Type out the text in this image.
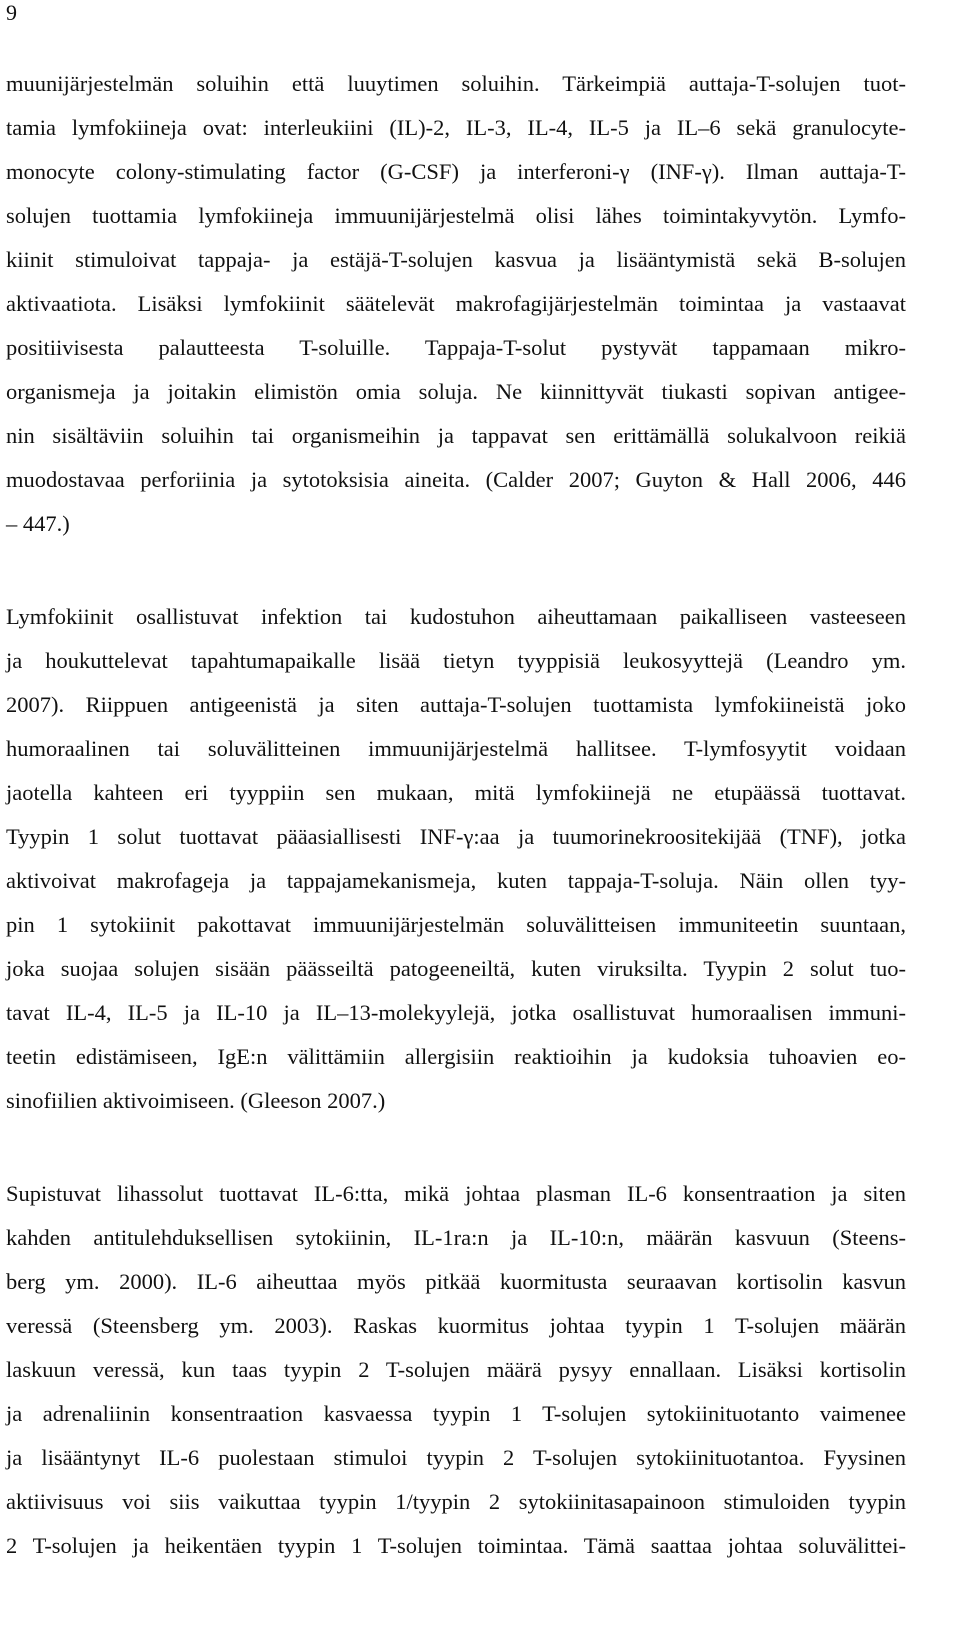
9
muunijärjestelmän soluihin että luuytimen soluihin. Tärkeimpiä auttaja-T-solujen tuot-
tamia lymfokiineja ovat: interleukiini (IL)-2, IL-3, IL-4, IL-5 ja IL–6 sekä granulocyte-
monocyte colony-stimulating factor (G-CSF) ja interferoni-γ (INF-γ). Ilman auttaja-T-
solujen tuottamia lymfokiineja immuunijärjestelmä olisi lähes toimintakyvytön. Lymfo-
kiinit stimuloivat tappaja- ja estäjä-T-solujen kasvua ja lisääntymistä sekä B-solujen
aktivaatiota. Lisäksi lymfokiinit säätelevät makrofagijärjestelmän toimintaa ja vastaavat
positiivisesta palautteesta T-soluille. Tappaja-T-solut pystyvät tappamaan mikro-
organismeja ja joitakin elimistön omia soluja. Ne kiinnittyvät tiukasti sopivan antigee-
nin sisältäviin soluihin tai organismeihin ja tappavat sen erittämällä solukalvoon reikiä
muodostavaa perforiinia ja sytotoksisia aineita. (Calder 2007; Guyton & Hall 2006, 446
– 447.)
Lymfokiinit osallistuvat infektion tai kudostuhon aiheuttamaan paikalliseen vasteeseen
ja houkuttelevat tapahtumapaikalle lisää tietyn tyyppisiä leukosyyttejä (Leandro ym.
2007). Riippuen antigeenistä ja siten auttaja-T-solujen tuottamista lymfokiineistä joko
humoraalinen tai soluvälitteinen immuunijärjestelmä hallitsee. T-lymfosyytit voidaan
jaotella kahteen eri tyyppiin sen mukaan, mitä lymfokiinejä ne etupäässä tuottavat.
Tyypin 1 solut tuottavat pääasiallisesti INF-γ:aa ja tuumorinekroositekijää (TNF), jotka
aktivoivat makrofageja ja tappajamekanismeja, kuten tappaja-T-soluja. Näin ollen tyy-
pin 1 sytokiinit pakottavat immuunijärjestelmän soluvälitteisen immuniteetin suuntaan,
joka suojaa solujen sisään päässeiltä patogeeneiltä, kuten viruksilta. Tyypin 2 solut tuo-
tavat IL-4, IL-5 ja IL-10 ja IL–13-molekyylejä, jotka osallistuvat humoraalisen immuni-
teetin edistämiseen, IgE:n välittämiin allergisiin reaktioihin ja kudoksia tuhoavien eo-
sinofiilien aktivoimiseen. (Gleeson 2007.)
Supistuvat lihassolut tuottavat IL-6:tta, mikä johtaa plasman IL-6 konsentraation ja siten
kahden antitulehduksellisen sytokiinin, IL-1ra:n ja IL-10:n, määrän kasvuun (Steens-
berg ym. 2000). IL-6 aiheuttaa myös pitkää kuormitusta seuraavan kortisolin kasvun
veressä (Steensberg ym. 2003). Raskas kuormitus johtaa tyypin 1 T-solujen määrän
laskuun veressä, kun taas tyypin 2 T-solujen määrä pysyy ennallaan. Lisäksi kortisolin
ja adrenaliinin konsentraation kasvaessa tyypin 1 T-solujen sytokiinituotanto vaimenee
ja lisääntynyt IL-6 puolestaan stimuloi tyypin 2 T-solujen sytokiinituotantoa. Fyysinen
aktiivisuus voi siis vaikuttaa tyypin 1/tyypin 2 sytokiinitasapainoon stimuloiden tyypin
2 T-solujen ja heikentäen tyypin 1 T-solujen toimintaa. Tämä saattaa johtaa soluvälittei-
